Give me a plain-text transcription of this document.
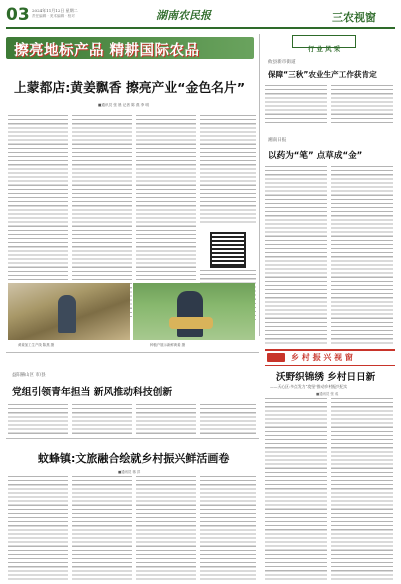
03 2024年11月12日 星期二
责任编辑 · 美术编辑 · 校对	湖南农民报	三农视窗
擦亮地标产品 精耕国际农品
上蒙都店:黄姜飘香 擦亮产业“金色名片”
■通讯员 张 晨 记者 陈 燕 李 明
黄姜加工生产线 陈燕 摄	种植户展示新鲜黄姜 摄
行 业 风 采
攸县新市街道
保障“三秋”农业生产工作获肯定
湘南日报
以药为“笔” 点草成“金”
益阳赫山区 市/县
党组引领青年担当 新风推动科技创新
乡 村 振 兴 视 窗
沃野织锦绣 乡村日日新
——天心区:多点发力“攻坚”推动乡村振兴纪实
■通讯员 张 成
蚊蜂镇:文旅融合绘就乡村振兴鲜活画卷
■通讯员 蒋 洋
